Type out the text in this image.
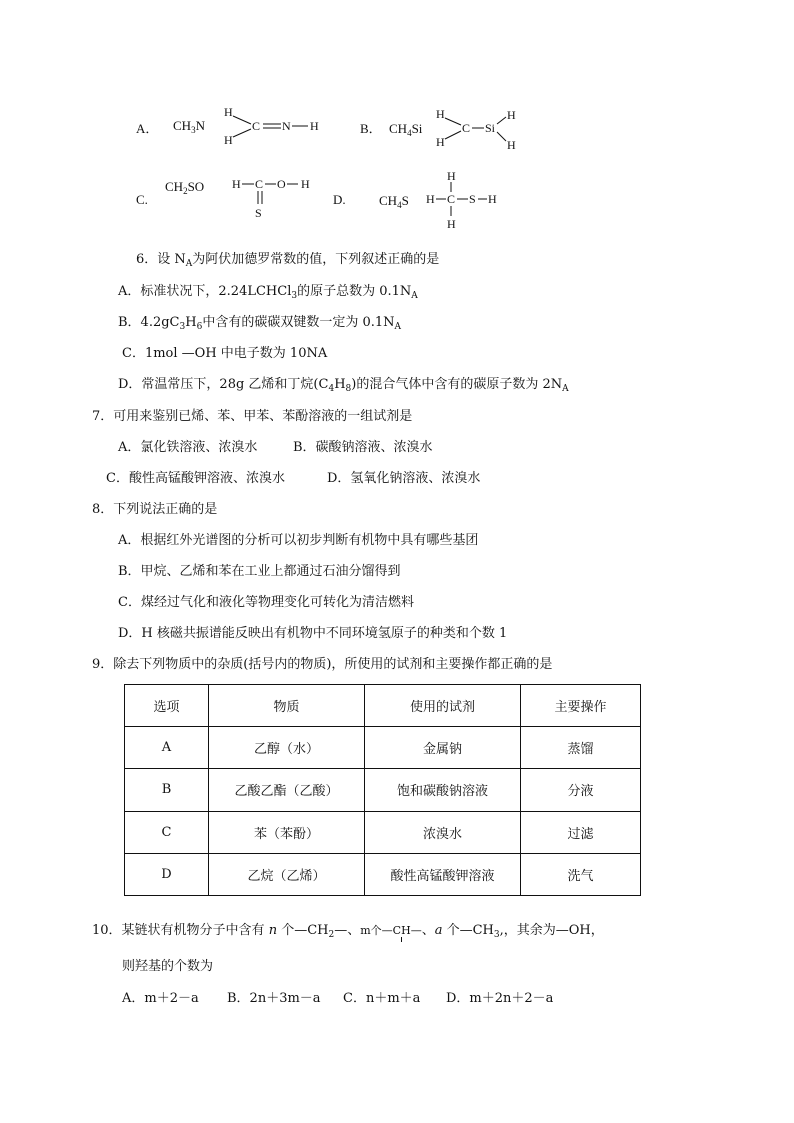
A． $CH_3N$
H
H
C N H	B． $CH_4Si$
H
H
C Si
H
H
C.
$CH_2SO$ H C O H
S
D.	$CH_4S$
H
H C S H
H
6．设 $N_A$为阿伏加德罗常数的值，下列叙述正确的是
A．标准状况下，2.24LCHCl$_3$的原子总数为 $0.1N_A$
B．$4.2gC_3H_6$中含有的碳碳双键数一定为 $0.1N_A$
C．1mol —OH 中电子数为 10NA
D．常温常压下，28g 乙烯和丁烷$(C_4H_8)$的混合气体中含有的碳原子数为 $2N_A$
7．可用来鉴别已烯、苯、甲苯、苯酚溶液的一组试剂是
A．氯化铁溶液、浓溴水	B．碳酸钠溶液、浓溴水
C．酸性高锰酸钾溶液、浓溴水	D．氢氧化钠溶液、浓溴水
8．下列说法正确的是
A．根据红外光谱图的分析可以初步判断有机物中具有哪些基团
B．甲烷、乙烯和苯在工业上都通过石油分馏得到
C．煤经过气化和液化等物理变化可转化为清洁燃料
D．H 核磁共振谱能反映出有机物中不同环境氢原子的种类和个数 1
9．除去下列物质中的杂质(括号内的物质)，所使用的试剂和主要操作都正确的是
选项	物质	使用的试剂	主要操作
A	乙醇（水）	金属钠	蒸馏
B	乙酸乙酯（乙酸）	饱和碳酸钠溶液	分液
C	苯（苯酚）	浓溴水	过滤
D	乙烷（乙烯）	酸性高锰酸钾溶液	洗气
10．某链状有机物分子中含有 n 个$—CH_2—$、m个—CH
—、a 个$—CH_3$,，其余为—OH，
则羟基的个数为
A．m＋2－a B．2n＋3m－a C．n＋m＋a D．m＋2n＋2－a
